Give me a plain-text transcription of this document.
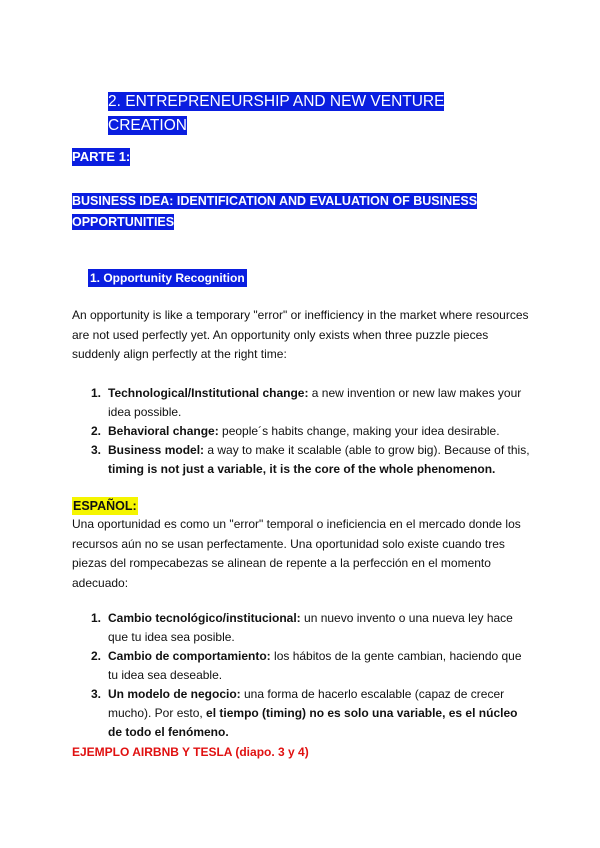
2. ENTREPRENEURSHIP AND NEW VENTURE
CREATION
PARTE 1:
BUSINESS IDEA: IDENTIFICATION AND EVALUATION OF BUSINESS
OPPORTUNITIES
1. Opportunity Recognition
An opportunity is like a temporary "error" or inefficiency in the market where resources are not used perfectly yet. An opportunity only exists when three puzzle pieces suddenly align perfectly at the right time:
1. Technological/Institutional change: a new invention or new law makes your idea possible.
2. Behavioral change: people´s habits change, making your idea desirable.
3. Business model: a way to make it scalable (able to grow big). Because of this, timing is not just a variable, it is the core of the whole phenomenon.
ESPAÑOL:
Una oportunidad es como un "error" temporal o ineficiencia en el mercado donde los recursos aún no se usan perfectamente. Una oportunidad solo existe cuando tres piezas del rompecabezas se alinean de repente a la perfección en el momento adecuado:
1. Cambio tecnológico/institucional: un nuevo invento o una nueva ley hace que tu idea sea posible.
2. Cambio de comportamiento: los hábitos de la gente cambian, haciendo que tu idea sea deseable.
3. Un modelo de negocio: una forma de hacerlo escalable (capaz de crecer mucho). Por esto, el tiempo (timing) no es solo una variable, es el núcleo de todo el fenómeno.
EJEMPLO AIRBNB Y TESLA (diapo. 3 y 4)
